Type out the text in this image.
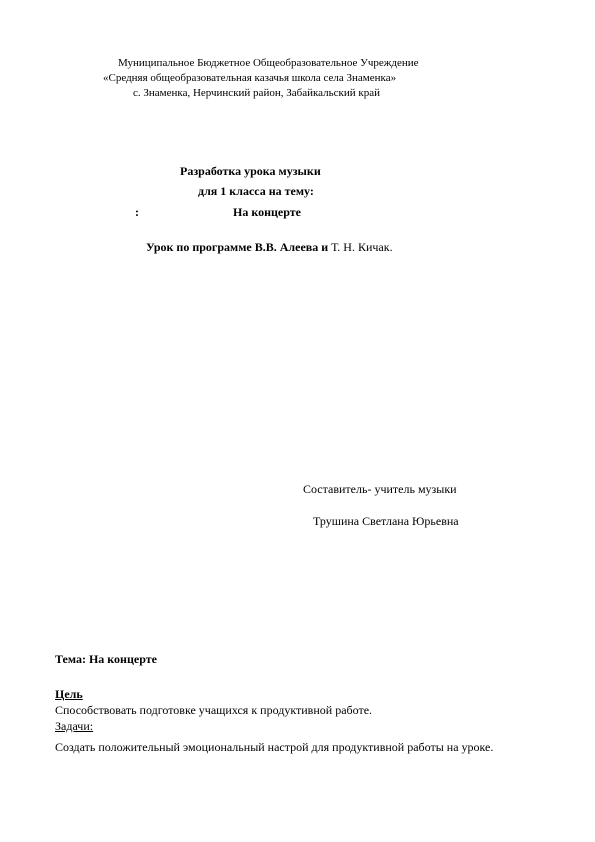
Муниципальное Бюджетное Общеобразовательное Учреждение
«Средняя общеобразовательная казачья школа села Знаменка»
с. Знаменка, Нерчинский район, Забайкальский край
Разработка урока музыки
для 1 класса на тему:
:	На концерте
Урок по программе В.В. Алеева и Т. Н. Кичак.
Составитель- учитель музыки
Трушина Светлана Юрьевна
Тема: На концерте
Цель
Способствовать подготовке учащихся к продуктивной работе.
Задачи:
Создать положительный эмоциональный настрой для продуктивной работы на уроке.
